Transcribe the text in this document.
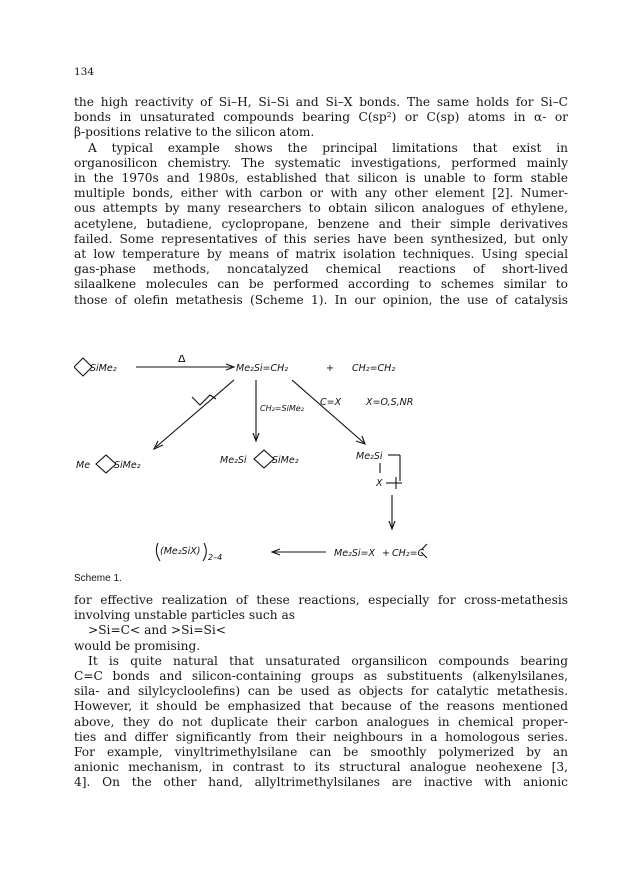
134

the high reactivity of Si–H, Si–Si and Si–X bonds. The same holds for Si–C

bonds in unsaturated compounds bearing C(sp²) or C(sp) atoms in α- or

β-positions relative to the silicon atom.

A typical example shows the principal limitations that exist in

organosilicon chemistry. The systematic investigations, performed mainly

in the 1970s and 1980s, established that silicon is unable to form stable

multiple bonds, either with carbon or with any other element [2]. Numer-

ous attempts by many researchers to obtain silicon analogues of ethylene,

acetylene, butadiene, cyclopropane, benzene and their simple derivatives

failed. Some representatives of this series have been synthesized, but only

at low temperature by means of matrix isolation techniques. Using special

gas-phase methods, noncatalyzed chemical reactions of short-lived

silaalkene molecules can be performed according to schemes similar to

those of olefin metathesis (Scheme 1). In our opinion, the use of catalysis

SiMe₂
Δ
Me₂Si=CH₂	+ CH₂=CH₂
CH₂=SiMe₂
C=X	X=O,S,NR
Me	SiMe₂	Me₂Si	SiMe₂	Me₂Si
X
(Me₂SiX)
2–4	Me₂Si=X + CH₂=C
Scheme 1.

for effective realization of these reactions, especially for cross-metathesis

involving unstable particles such as

>Si=C< and >Si=Si<

would be promising.

It is quite natural that unsaturated organsilicon compounds bearing

C=C bonds and silicon-containing groups as substituents (alkenylsilanes,

sila- and silylcycloolefins) can be used as objects for catalytic metathesis.

However, it should be emphasized that because of the reasons mentioned

above, they do not duplicate their carbon analogues in chemical proper-

ties and differ significantly from their neighbours in a homologous series.

For example, vinyltrimethylsilane can be smoothly polymerized by an

anionic mechanism, in contrast to its structural analogue neohexene [3,

4]. On the other hand, allyltrimethylsilanes are inactive with anionic
